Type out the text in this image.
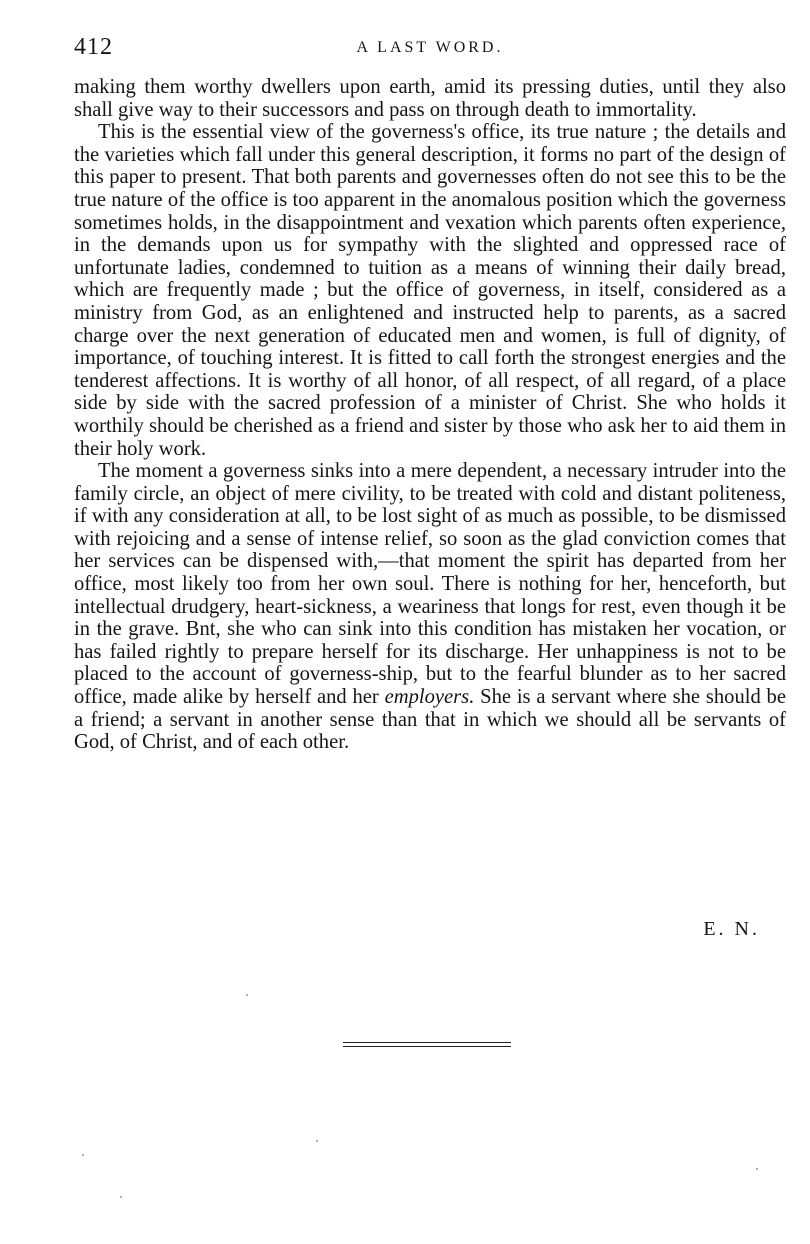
412	A LAST WORD.

making them worthy dwellers upon earth, amid its pressing duties, until they also shall give way to their successors and pass on through death to immortality.

This is the essential view of the governess's office, its true nature ; the details and the varieties which fall under this general description, it forms no part of the design of this paper to present. That both parents and governesses often do not see this to be the true nature of the office is too apparent in the anomalous position which the governess sometimes holds, in the disappointment and vexation which parents often experience, in the demands upon us for sympathy with the slighted and oppressed race of unfortunate ladies, condemned to tuition as a means of winning their daily bread, which are frequently made ; but the office of governess, in itself, considered as a ministry from God, as an enlightened and instructed help to parents, as a sacred charge over the next generation of educated men and women, is full of dignity, of importance, of touching interest. It is fitted to call forth the strongest energies and the tenderest affections. It is worthy of all honor, of all respect, of all regard, of a place side by side with the sacred profession of a minister of Christ. She who holds it worthily should be cherished as a friend and sister by those who ask her to aid them in their holy work.

The moment a governess sinks into a mere dependent, a necessary intruder into the family circle, an object of mere civility, to be treated with cold and distant politeness, if with any consideration at all, to be lost sight of as much as possible, to be dismissed with rejoicing and a sense of intense relief, so soon as the glad conviction comes that her services can be dispensed with,—that moment the spirit has departed from her office, most likely too from her own soul. There is nothing for her, henceforth, but intellectual drudgery, heart-sickness, a weariness that longs for rest, even though it be in the grave. Bnt, she who can sink into this condition has mistaken her vocation, or has failed rightly to prepare herself for its discharge. Her unhappiness is not to be placed to the account of governess-ship, but to the fearful blunder as to her sacred office, made alike by herself and her employers. She is a servant where she should be a friend; a servant in another sense than that in which we should all be servants of God, of Christ, and of each other.

E. N.
